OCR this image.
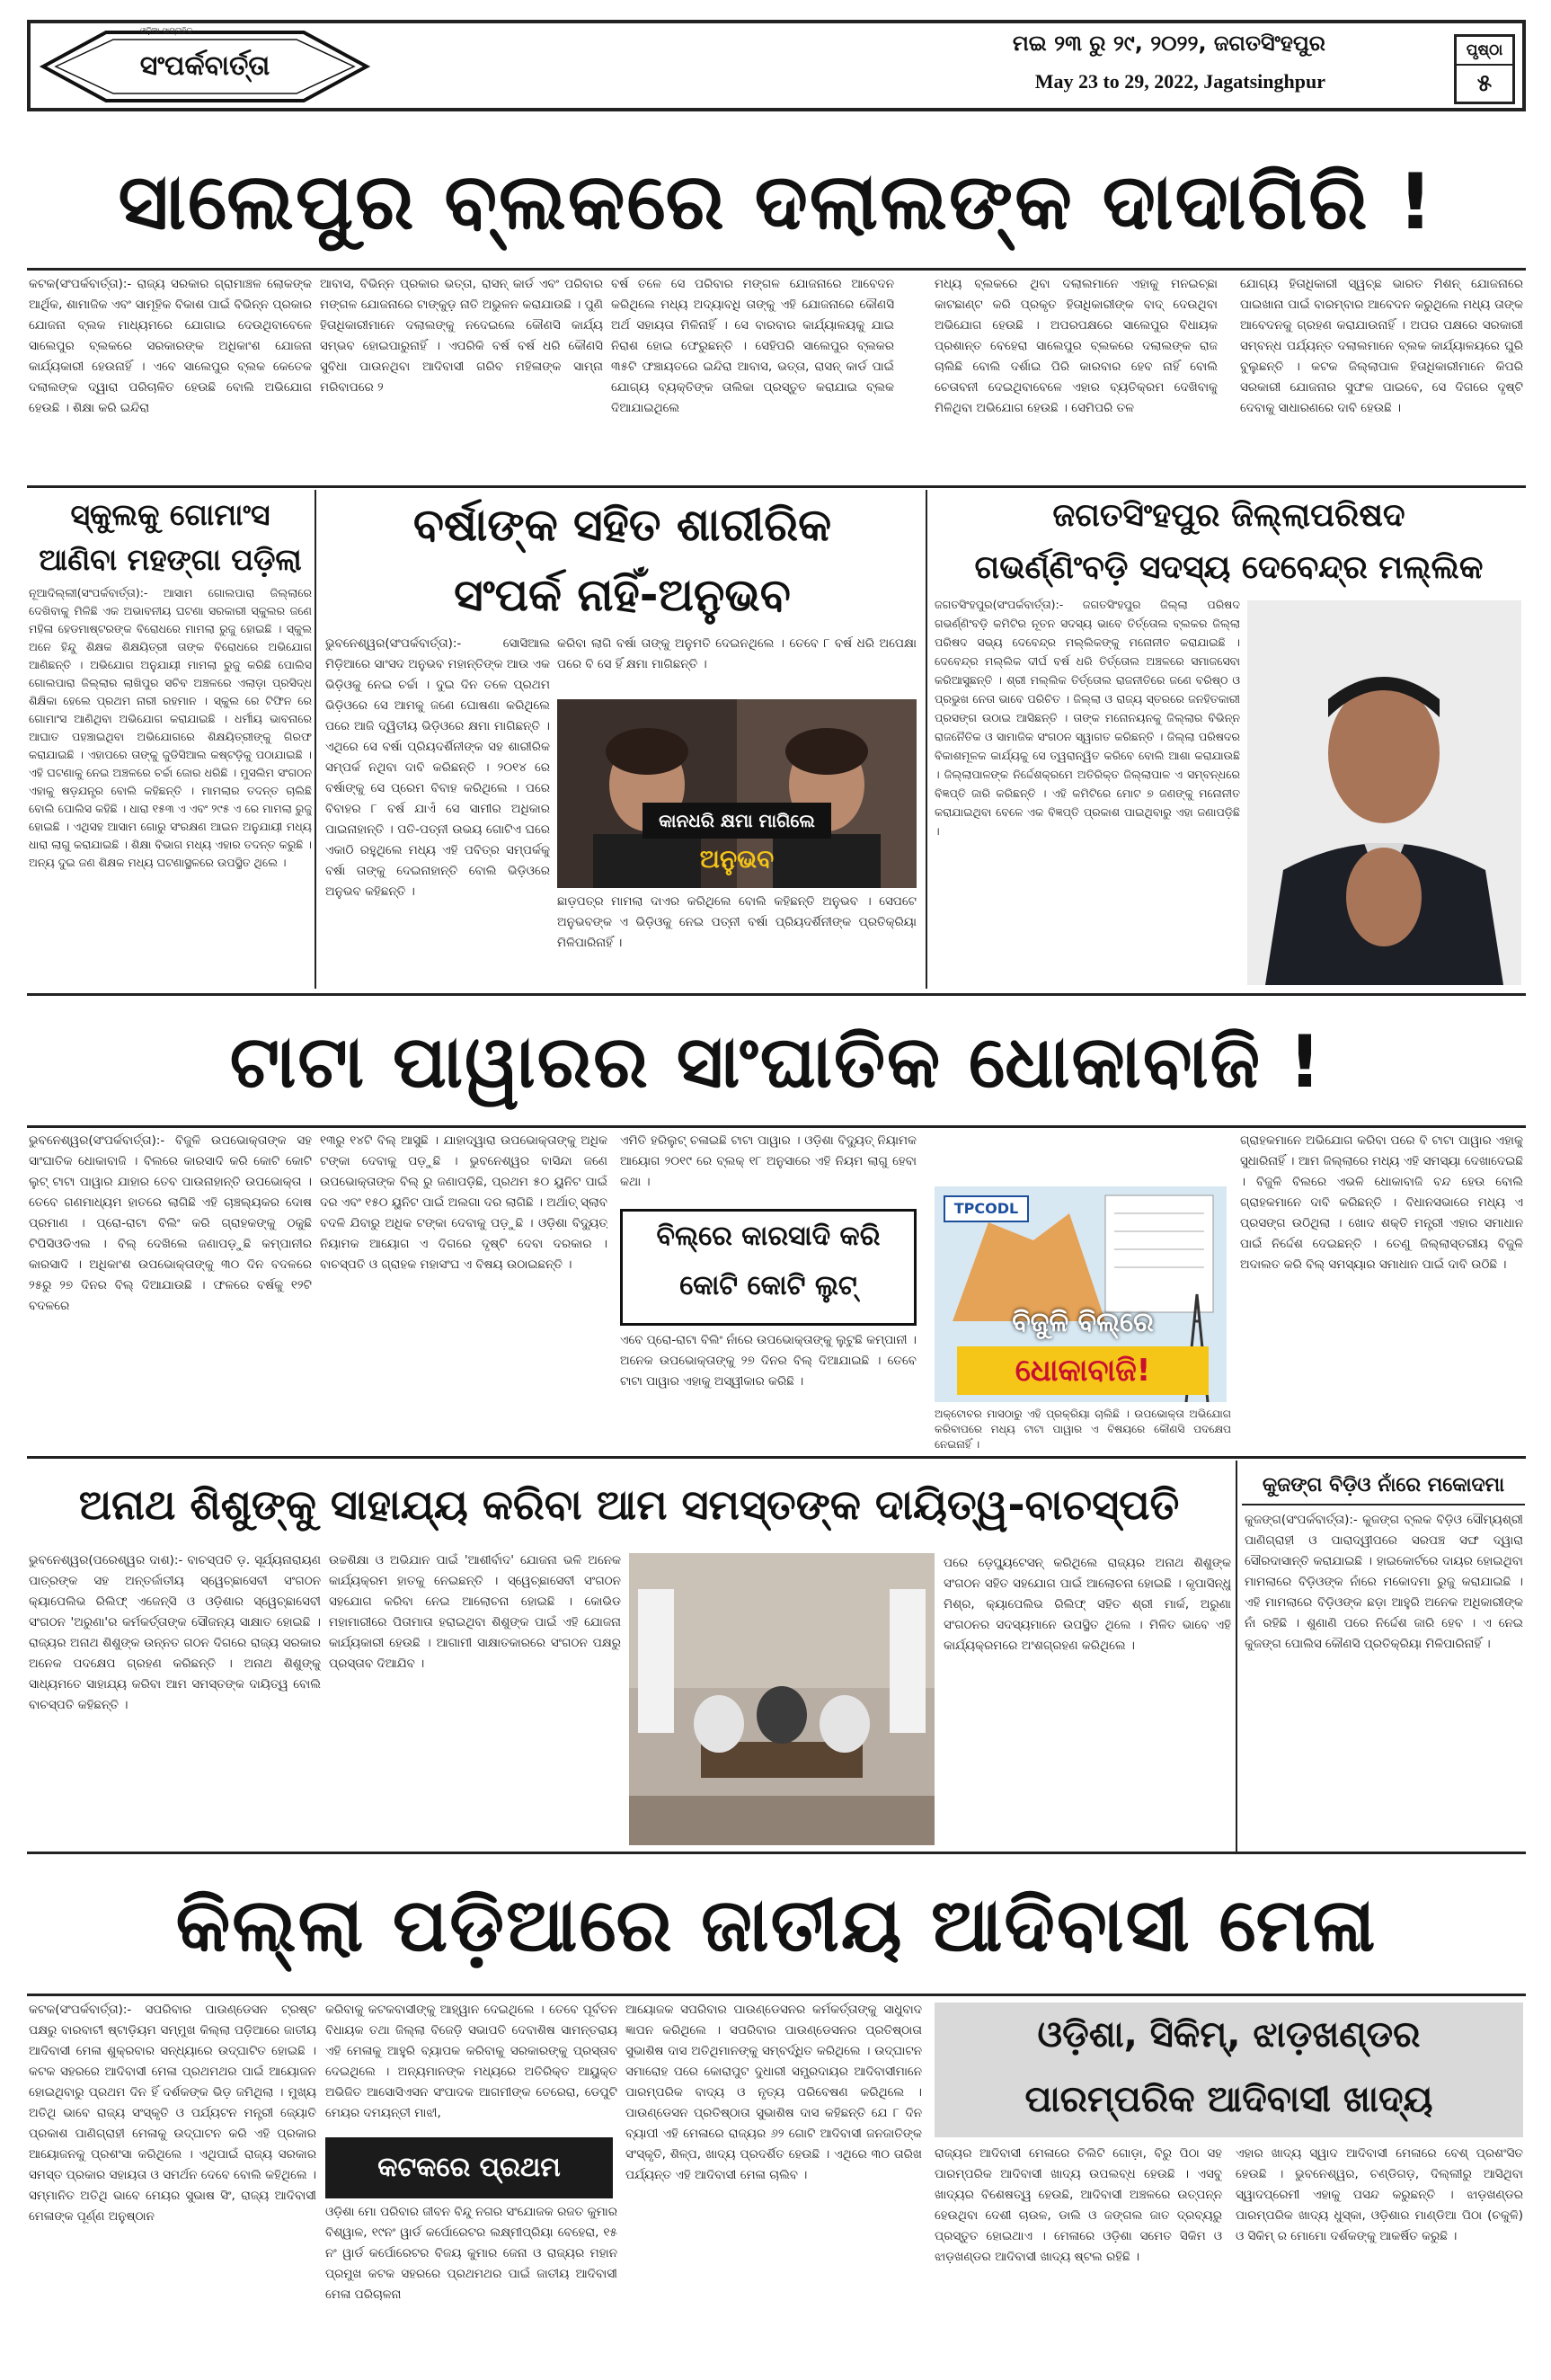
ଓଡ଼ିଆ ସାପ୍ତାହିକ
ସଂପର୍କବାର୍ତ୍ତା
ମଇ ୨୩ ରୁ ୨୯, ୨୦୨୨, ଜଗତସିଂହପୁର
May 23 to 29, 2022, Jagatsinghpur
ପୃଷ୍ଠା
୫
ସାଲେପୁର ବ୍ଲକରେ ଦଲାଲଙ୍କ ଦାଦାଗିରି !
କଟକ(ସଂପର୍କବାର୍ତ୍ତା):- ରାଜ୍ୟ ସରକାର ଗ୍ରାମାଞ୍ଚଳ ଲୋକଙ୍କ ଆର୍ଥିକ, ଶାମାଜିକ ଏବଂ ସାମୂହିକ ବିକାଶ ପାଇଁ ବିଭିନ୍ନ ପ୍ରକାର ଯୋଜନା ବ୍ଲକ ମାଧ୍ୟମରେ ଯୋଗାଇ ଦେଉଥିବାବେଳେ ସାଲେପୁର ବ୍ଲକରେ ସରକାରଙ୍କ ଅଧିକାଂଶ ଯୋଜନା କାର୍ଯ୍ୟକାରୀ ହେଉନାହିଁ । ଏବେ ସାଲେପୁର ବ୍ଲକ କେତେକ ଦଲାଲଙ୍କ ଦ୍ୱାରା ପରିଚାଳିତ ହେଉଛି ବୋଲି ଅଭିଯୋଗ ହେଉଛି । ଶିକ୍ଷା କରି ଇନ୍ଦିରା
ଆବାସ, ବିଭିନ୍ନ ପ୍ରକାର ଭତ୍ତା, ରାସନ୍ କାର୍ଡ ଏବଂ ପରିବାର ମଙ୍ଗଳ ଯୋଜନାରେ ଟାଙ୍କୁଡ଼ ନାତି ଅଭୁଳନ କରାଯାଉଛି । ପୁଣି ହିତାଧିକାରୀମାନେ ଦଲାଲଙ୍କୁ ନଦେଇଲେ କୌଣସି କାର୍ଯ୍ୟ ସମ୍ଭବ ହୋଇପାରୁନାହିଁ । ଏପରିକି ବର୍ଷ ବର୍ଷ ଧରି କୌଣସି ସୁବିଧା ପାଉନଥିବା ଆଦିବାସୀ ଗରିବ ମହିଳାଙ୍କ ସାମ୍ନା ମରିବାପରେ ୨
ବର୍ଷ ତଳେ ସେ ପରିବାର ମଙ୍ଗଳ ଯୋଜନାରେ ଆବେଦନ କରିଥିଲେ ମଧ୍ୟ ଅଦ୍ୟାବଧି ତାଙ୍କୁ ଏହି ଯୋଜନାରେ କୌଣସି ଅର୍ଥ ସହାୟତା ମିଳିନାହିଁ । ସେ ବାରବାର କାର୍ଯ୍ୟାଳୟକୁ ଯାଇ ନିରାଶ ହୋଇ ଫେରୁଛନ୍ତି । ସେହିପରି ସାଲେପୁର ବ୍ଲକର ୩୫ଟି ଫଞ୍ଚାୟତରେ ଇନ୍ଦିରା ଆବାସ, ଭତ୍ତା, ରାସନ୍ କାର୍ଡ ପାଇଁ ଯୋଗ୍ୟ ବ୍ୟକ୍ତିଙ୍କ ତାଲିକା ପ୍ରସ୍ତୁତ କରାଯାଇ ବ୍ଲକ ଦିଆଯାଇଥିଲେ
ମଧ୍ୟ ବ୍ଲକରେ ଥିବା ଦଲାଲମାନେ ଏହାକୁ ମନଇଚ୍ଛା କାଟଛାଣ୍ଟ କରି ପ୍ରକୃତ ହିତାଧିକାରୀଙ୍କ ବାଦ୍ ଦେଉଥିବା ଅଭିଯୋଗ ହେଉଛି । ଅପରପକ୍ଷରେ ସାଲେପୁର ବିଧାୟକ ପ୍ରଶାନ୍ତ ବେହେରା ସାଲେପୁର ବ୍ଲକରେ ଦଲାଲଙ୍କ ରାଜ ଚାଲିଛି ବୋଲି ଦର୍ଶାଇ ପିରି କାରବାର ହେବ ନାହିଁ ବୋଲି ଚେତାବନୀ ଦେଇଥିବାବେଳେ ଏହାର ବ୍ୟତିକ୍ରମ ଦେଖିବାକୁ ମିଳିଥିବା ଅଭିଯୋଗ ହେଉଛି । ସେମିପରି ତଳ
ଯୋଗ୍ୟ ହିତାଧିକାରୀ ସ୍ୱଚ୍ଛ ଭାରତ ମିଶନ୍ ଯୋଜନାରେ ପାଇଖାନା ପାଇଁ ବାରମ୍ବାର ଆବେଦନ କରୁଥିଲେ ମଧ୍ୟ ତାଙ୍କ ଆବେଦନକୁ ଗ୍ରହଣ କରାଯାଉନାହିଁ । ଅପର ପକ୍ଷରେ ସରକାରୀ ସମ୍ବନ୍ଧ ପର୍ଯ୍ୟନ୍ତ ଦଲାଲମାନେ ବ୍ଲକ କାର୍ଯ୍ୟାଳୟରେ ଘୁରି ବୁଲୁଛନ୍ତି । କଟକ ଜିଲ୍ଲାପାଳ ହିତାଧିକାରୀମାନେ କିପରି ସରକାରୀ ଯୋଜନାର ସୁଫଳ ପାଇବେ, ସେ ଦିଗରେ ଦୃଷ୍ଟି ଦେବାକୁ ସାଧାରଣରେ ଦାବି ହେଉଛି ।
ସ୍କୁଲକୁ ଗୋମାଂସ
ଆଣିବା ମହଙ୍ଗା ପଡ଼ିଲା
ନୂଆଦିଲ୍ଲୀ(ସଂପର୍କବାର୍ତ୍ତା):- ଆସାମ ଗୋଲପାରା ଜିଲ୍ଲାରେ ଦେଖିବାକୁ ମିଳିଛି ଏକ ଅଭାବନୀୟ ଘଟଣା ସରକାରୀ ସ୍କୁଲର ଜଣେ ମହିଳା ହେଡମାଷ୍ଟରଙ୍କ ବିରୋଧରେ ମାମଲା ରୁଜୁ ହୋଇଛି । ସ୍କୁଲ ଅନେ ହିନ୍ଦୁ ଶିକ୍ଷକ ଶିକ୍ଷୟିତ୍ରୀ ତାଙ୍କ ବିରୋଧରେ ଅଭିଯୋଗ ଆଣିଛନ୍ତି । ଅଭିଯୋଗ ଅନୁଯାୟୀ ମାମଲା ରୁଜୁ କରିଛି ପୋଲିସ ଗୋଲପାରା ଜିଲ୍ଲାର ଲାଖିପୁର ସଚିବ ଅଞ୍ଚଳରେ ଏଲାଡ଼ା ପ୍ରସିଦ୍ଧ ଶିକ୍ଷିକା ହେଲେ ପ୍ରଥମ ନାରୀ ରହମାନ । ସ୍କୁଲ ରେ ଟିଫିନ ରେ ଗୋମାଂସ ଆଣିଥିବା ଅଭିଯୋଗ କରାଯାଇଛି । ଧର୍ମୀୟ ଭାବନାରେ ଆଘାତ ପହଞ୍ଚାଇଥିବା ଅଭିଯୋଗରେ ଶିକ୍ଷୟିତ୍ରୀଙ୍କୁ ଗିରଫ କରାଯାଇଛି । ଏହାପରେ ତାଙ୍କୁ ଜୁଡିସିଆଲ କଷ୍ଟଡ଼ିକୁ ପଠାଯାଇଛି । ଏହି ଘଟଣାକୁ ନେଇ ଅଞ୍ଚଳରେ ଚର୍ଚ୍ଚା ଜୋର ଧରିଛି । ମୁସଲିମ ସଂଗଠନ ଏହାକୁ ଷଡ଼ଯନ୍ତ୍ର ବୋଲି କହିଛନ୍ତି । ମାମଲାର ତଦନ୍ତ ଚାଲିଛି ବୋଲି ପୋଲିସ କହିଛି । ଧାରା ୧୫୩ ଏ ଏବଂ ୨୯୫ ଏ ରେ ମାମଲା ରୁଜୁ ହୋଇଛି । ଏଥିସହ ଆସାମ ଗୋରୁ ସଂରକ୍ଷଣ ଆଇନ ଅନୁଯାୟୀ ମଧ୍ୟ ଧାରା ଲାଗୁ କରାଯାଇଛି । ଶିକ୍ଷା ବିଭାଗ ମଧ୍ୟ ଏହାର ତଦନ୍ତ କରୁଛି । ଅନ୍ୟ ଦୁଇ ଜଣ ଶିକ୍ଷକ ମଧ୍ୟ ଘଟଣାସ୍ଥଳରେ ଉପସ୍ଥିତ ଥିଲେ ।
ବର୍ଷାଙ୍କ ସହିତ ଶାରୀରିକ
ସଂପର୍କ ନାହିଁ-ଅନୁଭବ
ଭୁବନେଶ୍ୱର(ସଂପର୍କବାର୍ତ୍ତା):- ସୋସିଆଲ ମିଡ଼ିଆରେ ସାଂସଦ ଅନୁଭବ ମହାନ୍ତିଙ୍କ ଆଉ ଏକ ଭିଡ଼ିଓକୁ ନେଇ ଚର୍ଚ୍ଚା । ଦୁଇ ଦିନ ତଳେ ପ୍ରଥମ ଭିଡ଼ିଓରେ ସେ ଆମକୁ ଜଣେ ଘୋଷଣା କରିଥିଲେ ପରେ ଆଜି ଦ୍ୱିତୀୟ ଭିଡ଼ିଓରେ କ୍ଷମା ମାଗିଛନ୍ତି । ଏଥିରେ ସେ ବର୍ଷା ପ୍ରିୟଦର୍ଶିନୀଙ୍କ ସହ ଶାରୀରିକ ସମ୍ପର୍କ ନଥିବା ଦାବି କରିଛନ୍ତି । ୨୦୧୪ ରେ ବର୍ଷାଙ୍କୁ ସେ ପ୍ରେମ ବିବାହ କରିଥିଲେ । ପରେ ବିବାହର ୮ ବର୍ଷ ଯାଏଁ ସେ ସାମୀର ଅଧିକାର ପାଇନାହାନ୍ତି । ପତି-ପତ୍ନୀ ଉଭୟ ଗୋଟିଏ ଘରେ ଏକାଠି ରହୁଥିଲେ ମଧ୍ୟ ଏହି ପବିତ୍ର ସମ୍ପର୍କକୁ ବର୍ଷା ତାଙ୍କୁ ଦେଇନାହାନ୍ତି ବୋଲି ଭିଡ଼ିଓରେ ଅନୁଭବ କହିଛନ୍ତି ।
କରିବା ଲାଗି ବର୍ଷା ତାଙ୍କୁ ଅନୁମତି ଦେଇନଥିଲେ । ତେବେ ୮ ବର୍ଷ ଧରି ଅପେକ୍ଷା ପରେ ବି ସେ ହିଁ କ୍ଷମା ମାଗିଛନ୍ତି ।
କାନଧରି କ୍ଷମା ମାଗିଲେ
ଅନୁଭବ
ଛାଡ଼ପତ୍ର ମାମଲା ଦାଏର କରିଥିଲେ ବୋଲି କହିଛନ୍ତି ଅନୁଭବ । ସେପଟେ ଅନୁଭବଙ୍କ ଏ ଭିଡ଼ିଓକୁ ନେଇ ପତ୍ନୀ ବର୍ଷା ପ୍ରିୟଦର୍ଶିନୀଙ୍କ ପ୍ରତିକ୍ରିୟା ମିଳିପାରିନାହିଁ ।
ଜଗତସିଂହପୁର ଜିଲ୍ଲାପରିଷଦ
ଗଭର୍ଣ୍ଣିଂବଡ଼ି ସଦସ୍ୟ ଦେବେନ୍ଦ୍ର ମଲ୍ଲିକ
ଜଗତସିଂହପୁର(ସଂପର୍କବାର୍ତ୍ତା):- ଜଗତସିଂହପୁର ଜିଲ୍ଲା ପରିଷଦ ଗଭର୍ଣ୍ଣିଂବଡ଼ି କମିଟିର ନୂତନ ସଦସ୍ୟ ଭାବେ ତିର୍ତ୍ତୋଲ ବ୍ଲକର ଜିଲ୍ଲା ପରିଷଦ ସଭ୍ୟ ଦେବେନ୍ଦ୍ର ମଲ୍ଲିକଙ୍କୁ ମନୋନୀତ କରାଯାଇଛି । ଦେବେନ୍ଦ୍ର ମଲ୍ଲିକ ଦୀର୍ଘ ବର୍ଷ ଧରି ତିର୍ତ୍ତୋଲ ଅଞ୍ଚଳରେ ସମାଜସେବା କରିଆସୁଛନ୍ତି । ଶ୍ରୀ ମଲ୍ଲିକ ତିର୍ତ୍ତୋଲ ରାଜନୀତିରେ ଜଣେ ବରିଷ୍ଠ ଓ ପ୍ରଭୁଖ ନେତା ଭାବେ ପରିଚିତ । ଜିଲ୍ଲା ଓ ରାଜ୍ୟ ସ୍ତରରେ ଜନହିତକାରୀ ପ୍ରସଙ୍ଗ ଉଠାଇ ଆସିଛନ୍ତି । ତାଙ୍କ ମନୋନୟନକୁ ଜିଲ୍ଲାର ବିଭିନ୍ନ ରାଜନୈତିକ ଓ ସାମାଜିକ ସଂଗଠନ ସ୍ୱାଗତ କରିଛନ୍ତି । ଜିଲ୍ଲା ପରିଷଦର ବିକାଶମୂଳକ କାର୍ଯ୍ୟକୁ ସେ ତ୍ୱରାନ୍ୱିତ କରିବେ ବୋଲି ଆଶା କରାଯାଉଛି । ଜିଲ୍ଲାପାଳଙ୍କ ନିର୍ଦ୍ଦେଶକ୍ରମେ ଅତିରିକ୍ତ ଜିଲ୍ଲାପାଳ ଏ ସମ୍ବନ୍ଧରେ ବିଜ୍ଞପ୍ତି ଜାରି କରିଛନ୍ତି । ଏହି କମିଟିରେ ମୋଟ ୭ ଜଣଙ୍କୁ ମନୋନୀତ କରାଯାଇଥିବା ବେଳେ ଏକ ବିଜ୍ଞପ୍ତି ପ୍ରକାଶ ପାଇଥିବାରୁ ଏହା ଜଣାପଡ଼ିଛି ।
ଟାଟା ପାୱାରର ସାଂଘାତିକ ଧୋକାବାଜି !
ଭୁବନେଶ୍ୱର(ସଂପର୍କବାର୍ତ୍ତା):- ବିଜୁଳି ଉପଭୋକ୍ତାଙ୍କ ସହ ସାଂଘାତିକ ଧୋକାବାଜି । ବିଲରେ କାରସାଦି କରି କୋଟି କୋଟି ଲୁଟ୍ ଟାଟା ପାୱାର ଯାହାର ତେବ ପାଉନାହାନ୍ତି ଉପଭୋକ୍ତା । ତେବେ ଗଣମାଧ୍ୟମ ହାତରେ ଲାଗିଛି ଏହି ଚାଞ୍ଚଲ୍ୟକର ଦୋଷ ପ୍ରମାଣ । ପ୍ରୋ-ରାଟା ବିଲିଂ କରି ଗ୍ରାହକଙ୍କୁ ଠକୁଛି ଟିପିସିଓଡିଏଲ । ବିଲ୍ ଦେଖିଲେ ଜଣାପଡ଼ୁଛି କମ୍ପାନୀର କାରସାଦି । ଅଧିକାଂଶ ଉପଭୋକ୍ତାଙ୍କୁ ୩୦ ଦିନ ବଦଳରେ ୨୫ରୁ ୨୭ ଦିନର ବିଲ୍ ଦିଆଯାଉଛି । ଫଳରେ ବର୍ଷକୁ ୧୨ଟି ବଦଳରେ
୧୩ରୁ ୧୪ଟି ବିଲ୍ ଆସୁଛି । ଯାହାଦ୍ୱାରା ଉପଭୋକ୍ତାଙ୍କୁ ଅଧିକ ଟଙ୍କା ଦେବାକୁ ପଡ଼ୁଛି । ଭୁବନେଶ୍ୱର ବାସିନ୍ଦା ଜଣେ ଉପଭୋକ୍ତାଙ୍କ ବିଲ୍ ରୁ ଜଣାପଡ଼ିଛି, ପ୍ରଥମ ୫୦ ୟୁନିଟ ପାଇଁ ଦର ଏବଂ ୧୫୦ ୟୁନିଟ ପାଇଁ ଅଲଗା ଦର ଲାଗିଛି । ଅର୍ଥାତ୍ ସ୍ଲାବ ବଦଳି ଯିବାରୁ ଅଧିକ ଟଙ୍କା ଦେବାକୁ ପଡ଼ୁଛି । ଓଡ଼ିଶା ବିଦ୍ୟୁତ୍ ନିୟାମକ ଆୟୋଗ ଏ ଦିଗରେ ଦୃଷ୍ଟି ଦେବା ଦରକାର । ବାଚସ୍ପତି ଓ ଗ୍ରାହକ ମହାସଂଘ ଏ ବିଷୟ ଉଠାଇଛନ୍ତି ।
ଏମିତି ହରିଲୁଟ୍ ଚଳାଇଛି ଟାଟା ପାୱାର । ଓଡ଼ିଶା ବିଦ୍ୟୁତ୍ ନିୟାମକ ଆୟୋଗ ୨୦୧୯ ରେ ବ୍ଲକ୍ ୧୮ ଅନୁସାରେ ଏହି ନିୟମ ଲାଗୁ ହେବା କଥା ।
ବିଲ୍‌ରେ କାରସାଦି କରି
କୋଟି କୋଟି ଲୁଟ୍
ଏବେ ପ୍ରୋ-ରାଟା ବିଲିଂ ନାଁରେ ଉପଭୋକ୍ତାଙ୍କୁ ଲୁଟୁଛି କମ୍ପାନୀ । ଅନେକ ଉପଭୋକ୍ତାଙ୍କୁ ୨୭ ଦିନର ବିଲ୍ ଦିଆଯାଇଛି । ତେବେ ଟାଟା ପାୱାର ଏହାକୁ ଅସ୍ୱୀକାର କରିଛି ।
TPCODL
ବିଜୁଳି ବିଲ୍‌ରେ
ଧୋକାବାଜି!
ଅକ୍ଟୋବର ମାସଠାରୁ ଏହି ପ୍ରକ୍ରିୟା ଚାଲିଛି । ଉପଭୋକ୍ତା ଅଭିଯୋଗ କରିବାପରେ ମଧ୍ୟ ଟାଟା ପାୱାର ଏ ବିଷୟରେ କୌଣସି ପଦକ୍ଷେପ ନେଇନାହିଁ ।
ଗ୍ରାହକମାନେ ଅଭିଯୋଗ କରିବା ପରେ ବି ଟାଟା ପାୱାର ଏହାକୁ ସୁଧାରିନାହିଁ । ଆମ ଜିଲ୍ଲାରେ ମଧ୍ୟ ଏହି ସମସ୍ୟା ଦେଖାଦେଇଛି । ବିଜୁଳି ବିଲରେ ଏଭଳି ଧୋକାବାଜି ବନ୍ଦ ହେଉ ବୋଲି ଗ୍ରାହକମାନେ ଦାବି କରିଛନ୍ତି । ବିଧାନସଭାରେ ମଧ୍ୟ ଏ ପ୍ରସଙ୍ଗ ଉଠିଥିଲା । ଖୋଦ ଶକ୍ତି ମନ୍ତ୍ରୀ ଏହାର ସମାଧାନ ପାଇଁ ନିର୍ଦ୍ଦେଶ ଦେଇଛନ୍ତି । ତେଣୁ ଜିଲ୍ଲାସ୍ତରୀୟ ବିଜୁଳି ଅଦାଲତ କରି ବିଲ୍ ସମସ୍ୟାର ସମାଧାନ ପାଇଁ ଦାବି ଉଠିଛି ।
ଅନାଥ ଶିଶୁଙ୍କୁ ସାହାଯ୍ୟ କରିବା ଆମ ସମସ୍ତଙ୍କ ଦାୟିତ୍ୱ-ବାଚସ୍ପତି
ଭୁବନେଶ୍ୱର(ପରେଶ୍ୱର ଦାଶ):- ବାଚସ୍ପତି ଡ଼. ସୂର୍ଯ୍ୟନାରାୟଣ ପାତ୍ରଙ୍କ ସହ ଅନ୍ତର୍ଜାତୀୟ ସ୍ୱେଚ୍ଛାସେବୀ ସଂଗଠନ କ୍ୟାପେଲିଭ ରିଲିଫ୍ ଏଜେନ୍ସି ଓ ଓଡ଼ିଶାର ସ୍ୱେଚ୍ଛାସେବୀ ସଂଗଠନ 'ଅରୁଣା'ର କର୍ମକର୍ତ୍ତାଙ୍କ ସୌଜନ୍ୟ ସାକ୍ଷାତ ହୋଇଛି । ରାଜ୍ୟର ଅନାଥ ଶିଶୁଙ୍କ ଉନ୍ନତ ଗଠନ ଦିଗରେ ରାଜ୍ୟ ସରକାର ଅନେକ ପଦକ୍ଷେପ ଗ୍ରହଣ କରିଛନ୍ତି । ଅନାଥ ଶିଶୁଙ୍କୁ ସାଧ୍ୟମତେ ସାହାଯ୍ୟ କରିବା ଆମ ସମସ୍ତଙ୍କ ଦାୟିତ୍ୱ ବୋଲି ବାଚସ୍ପତି କହିଛନ୍ତି ।
ଉଚ୍ଚଶିକ୍ଷା ଓ ଅଭିଯାନ ପାଇଁ 'ଆଶୀର୍ବାଦ' ଯୋଜନା ଭଳି ଅନେକ କାର୍ଯ୍ୟକ୍ରମ ହାତକୁ ନେଇଛନ୍ତି । ସ୍ୱେଚ୍ଛାସେବୀ ସଂଗଠନ ସହଯୋଗ କରିବା ନେଇ ଆଲୋଚନା ହୋଇଛି । କୋଭିଡ ମହାମାରୀରେ ପିତାମାତା ହରାଇଥିବା ଶିଶୁଙ୍କ ପାଇଁ ଏହି ଯୋଜନା କାର୍ଯ୍ୟକାରୀ ହେଉଛି । ଆଗାମୀ ସାକ୍ଷାତକାରରେ ସଂଗଠନ ପକ୍ଷରୁ ପ୍ରସ୍ତାବ ଦିଆଯିବ ।
ପରେ ଡ଼େପ୍ୟୁଟେସନ୍ କରିଥିଲେ ରାଜ୍ୟର ଅନାଥ ଶିଶୁଙ୍କ ସଂଗଠନ ସହିତ ସହଯୋଗ ପାଇଁ ଆଲୋଚନା ହୋଇଛି । କୃପାସିନ୍ଧୁ ମିଶ୍ର, କ୍ୟାପେଲିଭ ରିଲିଫ୍ ସହିତ ଶ୍ରୀ ମାର୍କ, ଅରୁଣା ସଂଗଠନର ସଦସ୍ୟମାନେ ଉପସ୍ଥିତ ଥିଲେ । ମିଳିତ ଭାବେ ଏହି କାର୍ଯ୍ୟକ୍ରମରେ ଅଂଶଗ୍ରହଣ କରିଥିଲେ ।
କୁଜଙ୍ଗ ବିଡ଼ିଓ ନାଁରେ ମକୋଦମା
କୁଜଙ୍ଗ(ସଂପର୍କବାର୍ତ୍ତା):- କୁଜଙ୍ଗ ବ୍ଲକ ବିଡ଼ିଓ ସୌମ୍ୟଶ୍ରୀ ପାଣିଗ୍ରାହୀ ଓ ପାରାଦ୍ୱୀପରେ ସରପଞ୍ଚ ସଙ୍ଘ ଦ୍ୱାରା ସୌରଦାସାନ୍ତି କରାଯାଇଛି । ହାଇକୋର୍ଟରେ ଦାୟର ହୋଇଥିବା ମାମଲାରେ ବିଡ଼ିଓଙ୍କ ନାଁରେ ମକୋଦମା ରୁଜୁ କରାଯାଇଛି । ଏହି ମାମଲାରେ ବିଡ଼ିଓଙ୍କ ଛଡ଼ା ଆହୁରି ଅନେକ ଅଧିକାରୀଙ୍କ ନାଁ ରହିଛି । ଶୁଣାଣି ପରେ ନିର୍ଦ୍ଦେଶ ଜାରି ହେବ । ଏ ନେଇ କୁଜଙ୍ଗ ପୋଲିସ କୌଣସି ପ୍ରତିକ୍ରିୟା ମିଳିପାରିନାହିଁ ।
କିଲ୍ଲା ପଡ଼ିଆରେ ଜାତୀୟ ଆଦିବାସୀ ମେଳା
କଟକ(ସଂପର୍କବାର୍ତ୍ତା):- ସପରିବାର ପାଉଣ୍ଡେସନ ଟ୍ରଷ୍ଟ ପକ୍ଷରୁ ବାରବାଟୀ ଷ୍ଟାଡ଼ିୟମ ସମ୍ମୁଖ କିଲ୍ଲା ପଡ଼ିଆରେ ଜାତୀୟ ଆଦିବାସୀ ମେଳା ଶୁକ୍ରବାର ସନ୍ଧ୍ୟାରେ ଉଦ୍‌ଘାଟିତ ହୋଇଛି । କଟକ ସହରରେ ଆଦିବାସୀ ମେଳା ପ୍ରଥମଥର ପାଇଁ ଆୟୋଜନ ହୋଇଥିବାରୁ ପ୍ରଥମ ଦିନ ହିଁ ଦର୍ଶକଙ୍କ ଭିଡ଼ ଜମିଥିଲା । ମୁଖ୍ୟ ଅତିଥି ଭାବେ ରାଜ୍ୟ ସଂସ୍କୃତି ଓ ପର୍ଯ୍ୟଟନ ମନ୍ତ୍ରୀ ଜ୍ୟୋତି ପ୍ରକାଶ ପାଣିଗ୍ରାହୀ ମେଳାକୁ ଉଦ୍‌ଘାଟନ କରି ଏହି ପ୍ରକାର ଆୟୋଜନକୁ ପ୍ରଶଂସା କରିଥିଲେ । ଏଥିପାଇଁ ରାଜ୍ୟ ସରକାର ସମସ୍ତ ପ୍ରକାର ସହାୟତା ଓ ସମର୍ଥନ ଦେବେ ବୋଲି କହିଥିଲେ । ସମ୍ମାନିତ ଅତିଥି ଭାବେ ମେୟର ସୁଭାଷ ସିଂ, ରାଜ୍ୟ ଆଦିବାସୀ ମେଳାଙ୍କ ପୂର୍ଣ୍ଣ ଅନୁଷ୍ଠାନ
କରିବାକୁ କଟକବାସୀଙ୍କୁ ଆହ୍ୱାନ ଦେଇଥିଲେ । ତେବେ ପୂର୍ବତନ ବିଧାୟକ ତଥା ଜିଲ୍ଲା ବିଜେଡ଼ି ସଭାପତି ଦେବାଶିଷ ସାମନ୍ତରାୟ ଏହି ମେଳାକୁ ଆହୁରି ବ୍ୟାପକ କରିବାକୁ ସରକାରଙ୍କୁ ପ୍ରସ୍ତାବ ଦେଇଥିଲେ । ଅନ୍ୟମାନଙ୍କ ମଧ୍ୟରେ ଅତିରିକ୍ତ ଆୟୁକ୍ତ ଅଭିଜିତ ଆସୋସିଏସନ ସଂପାଦକ ଆଗମୀଙ୍କ ତେରେରା, ଡେପୁଟି ମେୟର ଦମୟନ୍ତୀ ମାଝୀ,
କଟକରେ ପ୍ରଥମ
ଓଡ଼ିଶା ମୋ ପରିବାର ଜୀବନ ବିନ୍ଦୁ ନଗର ସଂଯୋଜକ ରଜତ କୁମାର ବିଶ୍ୱାଳ, ୧୯ନଂ ୱାର୍ଡ କର୍ପୋରେଟର ଲକ୍ଷ୍ମୀପ୍ରିୟା ବେହେରା, ୧୫ ନଂ ୱାର୍ଡ କର୍ପୋରେଟର ବିଜୟ କୁମାର ଜେନା ଓ ରାଜ୍ୟର ମହାନ ପ୍ରମୁଖ କଟକ ସହରରେ ପ୍ରଥମଥର ପାଇଁ ଜାତୀୟ ଆଦିବାସୀ ମେଳା ପରିଚାଳନା
ଆୟୋଜକ ସପରିବାର ପାଉଣ୍ଡେସନର କର୍ମକର୍ତ୍ତାଙ୍କୁ ସାଧୁବାଦ ଜ୍ଞାପନ କରିଥିଲେ । ସପରିବାର ପାଉଣ୍ଡେସନର ପ୍ରତିଷ୍ଠାତା ସୁଭାଶିଷ ଦାସ ଅତିଥିମାନଙ୍କୁ ସମ୍ବର୍ଦ୍ଧିତ କରିଥିଲେ । ଉଦ୍‌ଘାଟନ ସମାରୋହ ପରେ କୋରାପୁଟ ଦୁଧାରୀ ସମ୍ପ୍ରଦାୟର ଆଦିବାସୀମାନେ ପାରମ୍ପରିକ ବାଦ୍ୟ ଓ ନୃତ୍ୟ ପରିବେଷଣ କରିଥିଲେ । ପାଉଣ୍ଡେସନ ପ୍ରତିଷ୍ଠାତା ସୁଭାଶିଷ ଦାସ କହିଛନ୍ତି ଯେ ୮ ଦିନ ବ୍ୟାପୀ ଏହି ମେଳାରେ ରାଜ୍ୟର ୬୨ ଗୋଟି ଆଦିବାସୀ ଜନଜାତିଙ୍କ ସଂସ୍କୃତି, ଶିଳ୍ପ, ଖାଦ୍ୟ ପ୍ରଦର୍ଶିତ ହେଉଛି । ଏଥିରେ ୩୦ ତାରିଖ ପର୍ଯ୍ୟନ୍ତ ଏହି ଆଦିବାସୀ ମେଳା ଚାଲିବ ।
ଓଡ଼ିଶା, ସିକିମ୍, ଝାଡ଼ଖଣ୍ଡର
ପାରମ୍ପରିକ ଆଦିବାସୀ ଖାଦ୍ୟ
ରାଜ୍ୟର ଆଦିବାସୀ ମେଳାରେ ଚିଲିଟି ଗୋଡ଼ା, ବିରୁ ପିଠା ସହ ପାରମ୍ପରିକ ଆଦିବାସୀ ଖାଦ୍ୟ ଉପଲବ୍ଧ ହେଉଛି । ଏସବୁ ଖାଦ୍ୟର ବିଶେଷତ୍ୱ ହେଉଛି, ଆଦିବାସୀ ଅଞ୍ଚଳରେ ଉତ୍ପନ୍ନ ହେଉଥିବା ଦେଶୀ ଚାଉଳ, ଡାଲି ଓ ଜଙ୍ଗଲ ଜାତ ଦ୍ରବ୍ୟରୁ ପ୍ରସ୍ତୁତ ହୋଇଥାଏ । ମେଳାରେ ଓଡ଼ିଶା ସମେତ ସିକିମ ଓ ଝାଡ଼ଖଣ୍ଡର ଆଦିବାସୀ ଖାଦ୍ୟ ଷ୍ଟଲ ରହିଛି ।
ଏହାର ଖାଦ୍ୟ ସ୍ୱାଦ ଆଦିବାସୀ ମେଳାରେ ବେଶ୍ ପ୍ରଶଂସିତ ହେଉଛି । ଭୁବନେଶ୍ୱର, ଚଣ୍ଡିଗଡ଼, ଦିଲ୍ଲୀରୁ ଆସିଥିବା ସ୍ୱାଦପ୍ରେମୀ ଏହାକୁ ପସନ୍ଦ କରୁଛନ୍ତି । ଝାଡ଼ଖଣ୍ଡର ପାରମ୍ପରିକ ଖାଦ୍ୟ ଧୁସ୍କା, ଓଡ଼ିଶାର ମାଣ୍ଡିଆ ପିଠା (ଚକୁଳି) ଓ ସିକିମ୍ ର ମୋମୋ ଦର୍ଶକଙ୍କୁ ଆକର୍ଷିତ କରୁଛି ।
